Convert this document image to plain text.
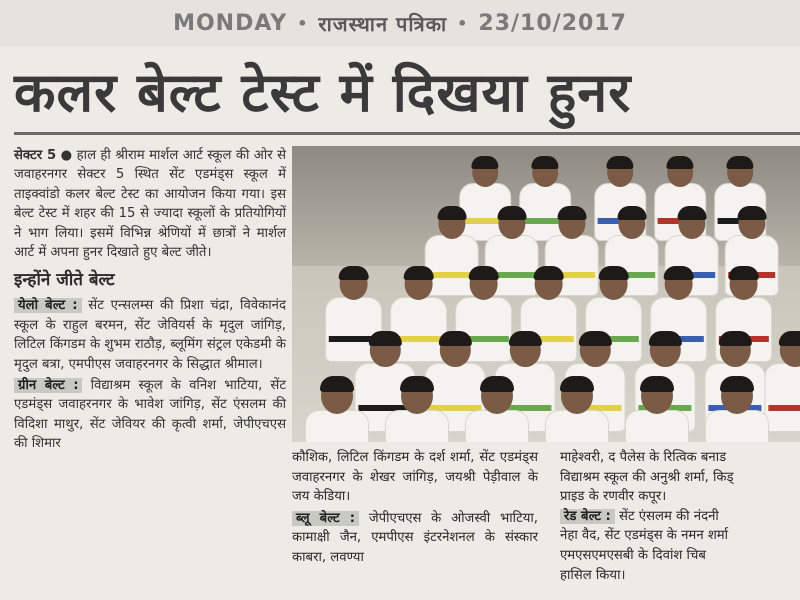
MONDAY • राजस्थान पत्रिका • 23/10/2017
कलर बेल्ट टेस्ट में दिखया हुनर

सेक्टर 5 ● हाल ही श्रीराम मार्शल आर्ट स्कूल की ओर से जवाहरनगर सेक्टर 5 स्थित सेंट एडमंड्स स्कूल में ताइक्वांडो कलर बेल्ट टेस्ट का आयोजन किया गया। इस बेल्ट टेस्ट में शहर की 15 से ज्यादा स्कूलों के प्रतियोगियों ने भाग लिया। इसमें विभिन्न श्रेणियों में छात्रों ने मार्शल आर्ट में अपना हुनर दिखाते हुए बेल्ट जीते।

इन्होंने जीते बेल्ट

येलो बेल्ट : सेंट एन्सलम्स की प्रिशा चंद्रा, विवेकानंद स्कूल के राहुल बरमन, सेंट जेवियर्स के मृदुल जांगिड़, लिटिल किंगडम के शुभम राठौड़, ब्लूमिंग संट्रल एकेडमी के मृदुल बत्रा, एमपीएस जवाहरनगर के सिद्धात श्रीमाल।

ग्रीन बेल्ट : विद्याश्रम स्कूल के वनिश भाटिया, सेंट एडमंड्स जवाहरनगर के भावेश जांगिड़, सेंट एंसलम की विदिशा माथुर, सेंट जेवियर की कृत्वी शर्मा, जेपीएचएस की शिमार

कौशिक, लिटिल किंगडम के दर्श शर्मा, सेंट एडमंड्स जवाहरनगर के शेखर जांगिड़, जयश्री पेड़ीवाल के जय केडिया।

ब्लू बेल्ट : जेपीएचएस के ओजस्वी भाटिया, कामाक्षी जैन, एमपीएस इंटरनेशनल के संस्कार काबरा, लवण्या

माहेश्वरी, द पैलेस के रित्विक बनाड

विद्याश्रम स्कूल की अनुश्री शर्मा, किड्

प्राइड के रणवीर कपूर।

रेड बेल्ट : सेंट एंसलम की नंदनी

नेहा वैद, सेंट एडमंड्स के नमन शर्मा

एमएसएमएसबी के दिवांश चिब

हासिल किया।
